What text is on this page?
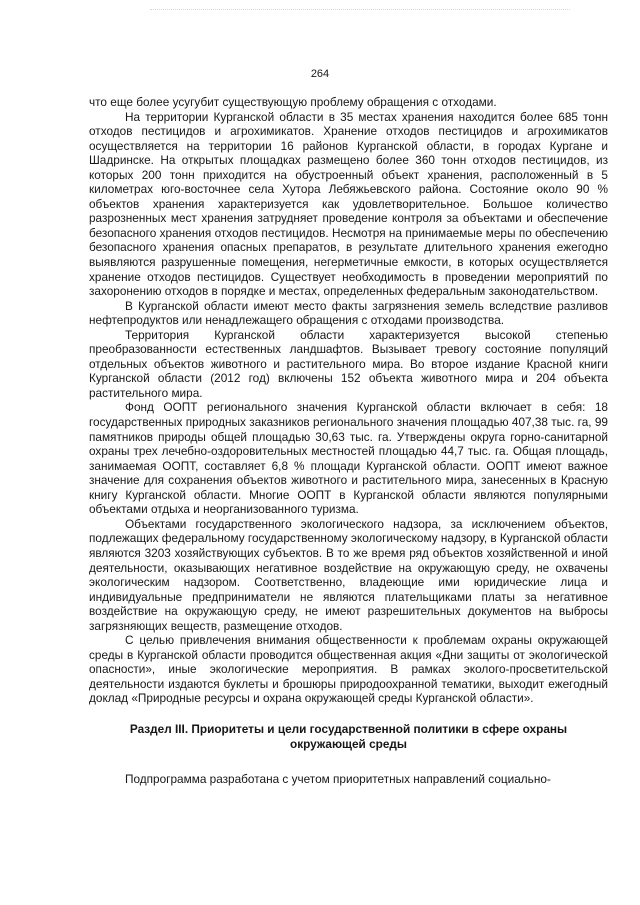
264

что еще более усугубит существующую проблему обращения с отходами.

На территории Курганской области в 35 местах хранения находится более 685 тонн отходов пестицидов и агрохимикатов. Хранение отходов пестицидов и агрохимикатов осуществляется на территории 16 районов Курганской области, в городах Кургане и Шадринске. На открытых площадках размещено более 360 тонн отходов пестицидов, из которых 200 тонн приходится на обустроенный объект хранения, расположенный в 5 километрах юго-восточнее села Хутора Лебяжьевского района. Состояние около 90 % объектов хранения характеризуется как удовлетворительное. Большое количество разрозненных мест хранения затрудняет проведение контроля за объектами и обеспечение безопасного хранения отходов пестицидов. Несмотря на принимаемые меры по обеспечению безопасного хранения опасных препаратов, в результате длительного хранения ежегодно выявляются разрушенные помещения, негерметичные емкости, в которых осуществляется хранение отходов пестицидов. Существует необходимость в проведении мероприятий по захоронению отходов в порядке и местах, определенных федеральным законодательством.

В Курганской области имеют место факты загрязнения земель вследствие разливов нефтепродуктов или ненадлежащего обращения с отходами производства.

Территория Курганской области характеризуется высокой степенью преобразованности естественных ландшафтов. Вызывает тревогу состояние популяций отдельных объектов животного и растительного мира. Во второе издание Красной книги Курганской области (2012 год) включены 152 объекта животного мира и 204 объекта растительного мира.

Фонд ООПТ регионального значения Курганской области включает в себя: 18 государственных природных заказников регионального значения площадью 407,38 тыс. га, 99 памятников природы общей площадью 30,63 тыс. га. Утверждены округа горно-санитарной охраны трех лечебно-оздоровительных местностей площадью 44,7 тыс. га. Общая площадь, занимаемая ООПТ, составляет 6,8 % площади Курганской области. ООПТ имеют важное значение для сохранения объектов животного и растительного мира, занесенных в Красную книгу Курганской области. Многие ООПТ в Курганской области являются популярными объектами отдыха и неорганизованного туризма.

Объектами государственного экологического надзора, за исключением объектов, подлежащих федеральному государственному экологическому надзору, в Курганской области являются 3203 хозяйствующих субъектов. В то же время ряд объектов хозяйственной и иной деятельности, оказывающих негативное воздействие на окружающую среду, не охвачены экологическим надзором. Соответственно, владеющие ими юридические лица и индивидуальные предприниматели не являются плательщиками платы за негативное воздействие на окружающую среду, не имеют разрешительных документов на выбросы загрязняющих веществ, размещение отходов.

С целью привлечения внимания общественности к проблемам охраны окружающей среды в Курганской области проводится общественная акция «Дни защиты от экологической опасности», иные экологические мероприятия. В рамках эколого-просветительской деятельности издаются буклеты и брошюры природоохранной тематики, выходит ежегодный доклад «Природные ресурсы и охрана окружающей среды Курганской области».

Раздел III. Приоритеты и цели государственной политики в сфере охраны окружающей среды

Подпрограмма разработана с учетом приоритетных направлений социально-
